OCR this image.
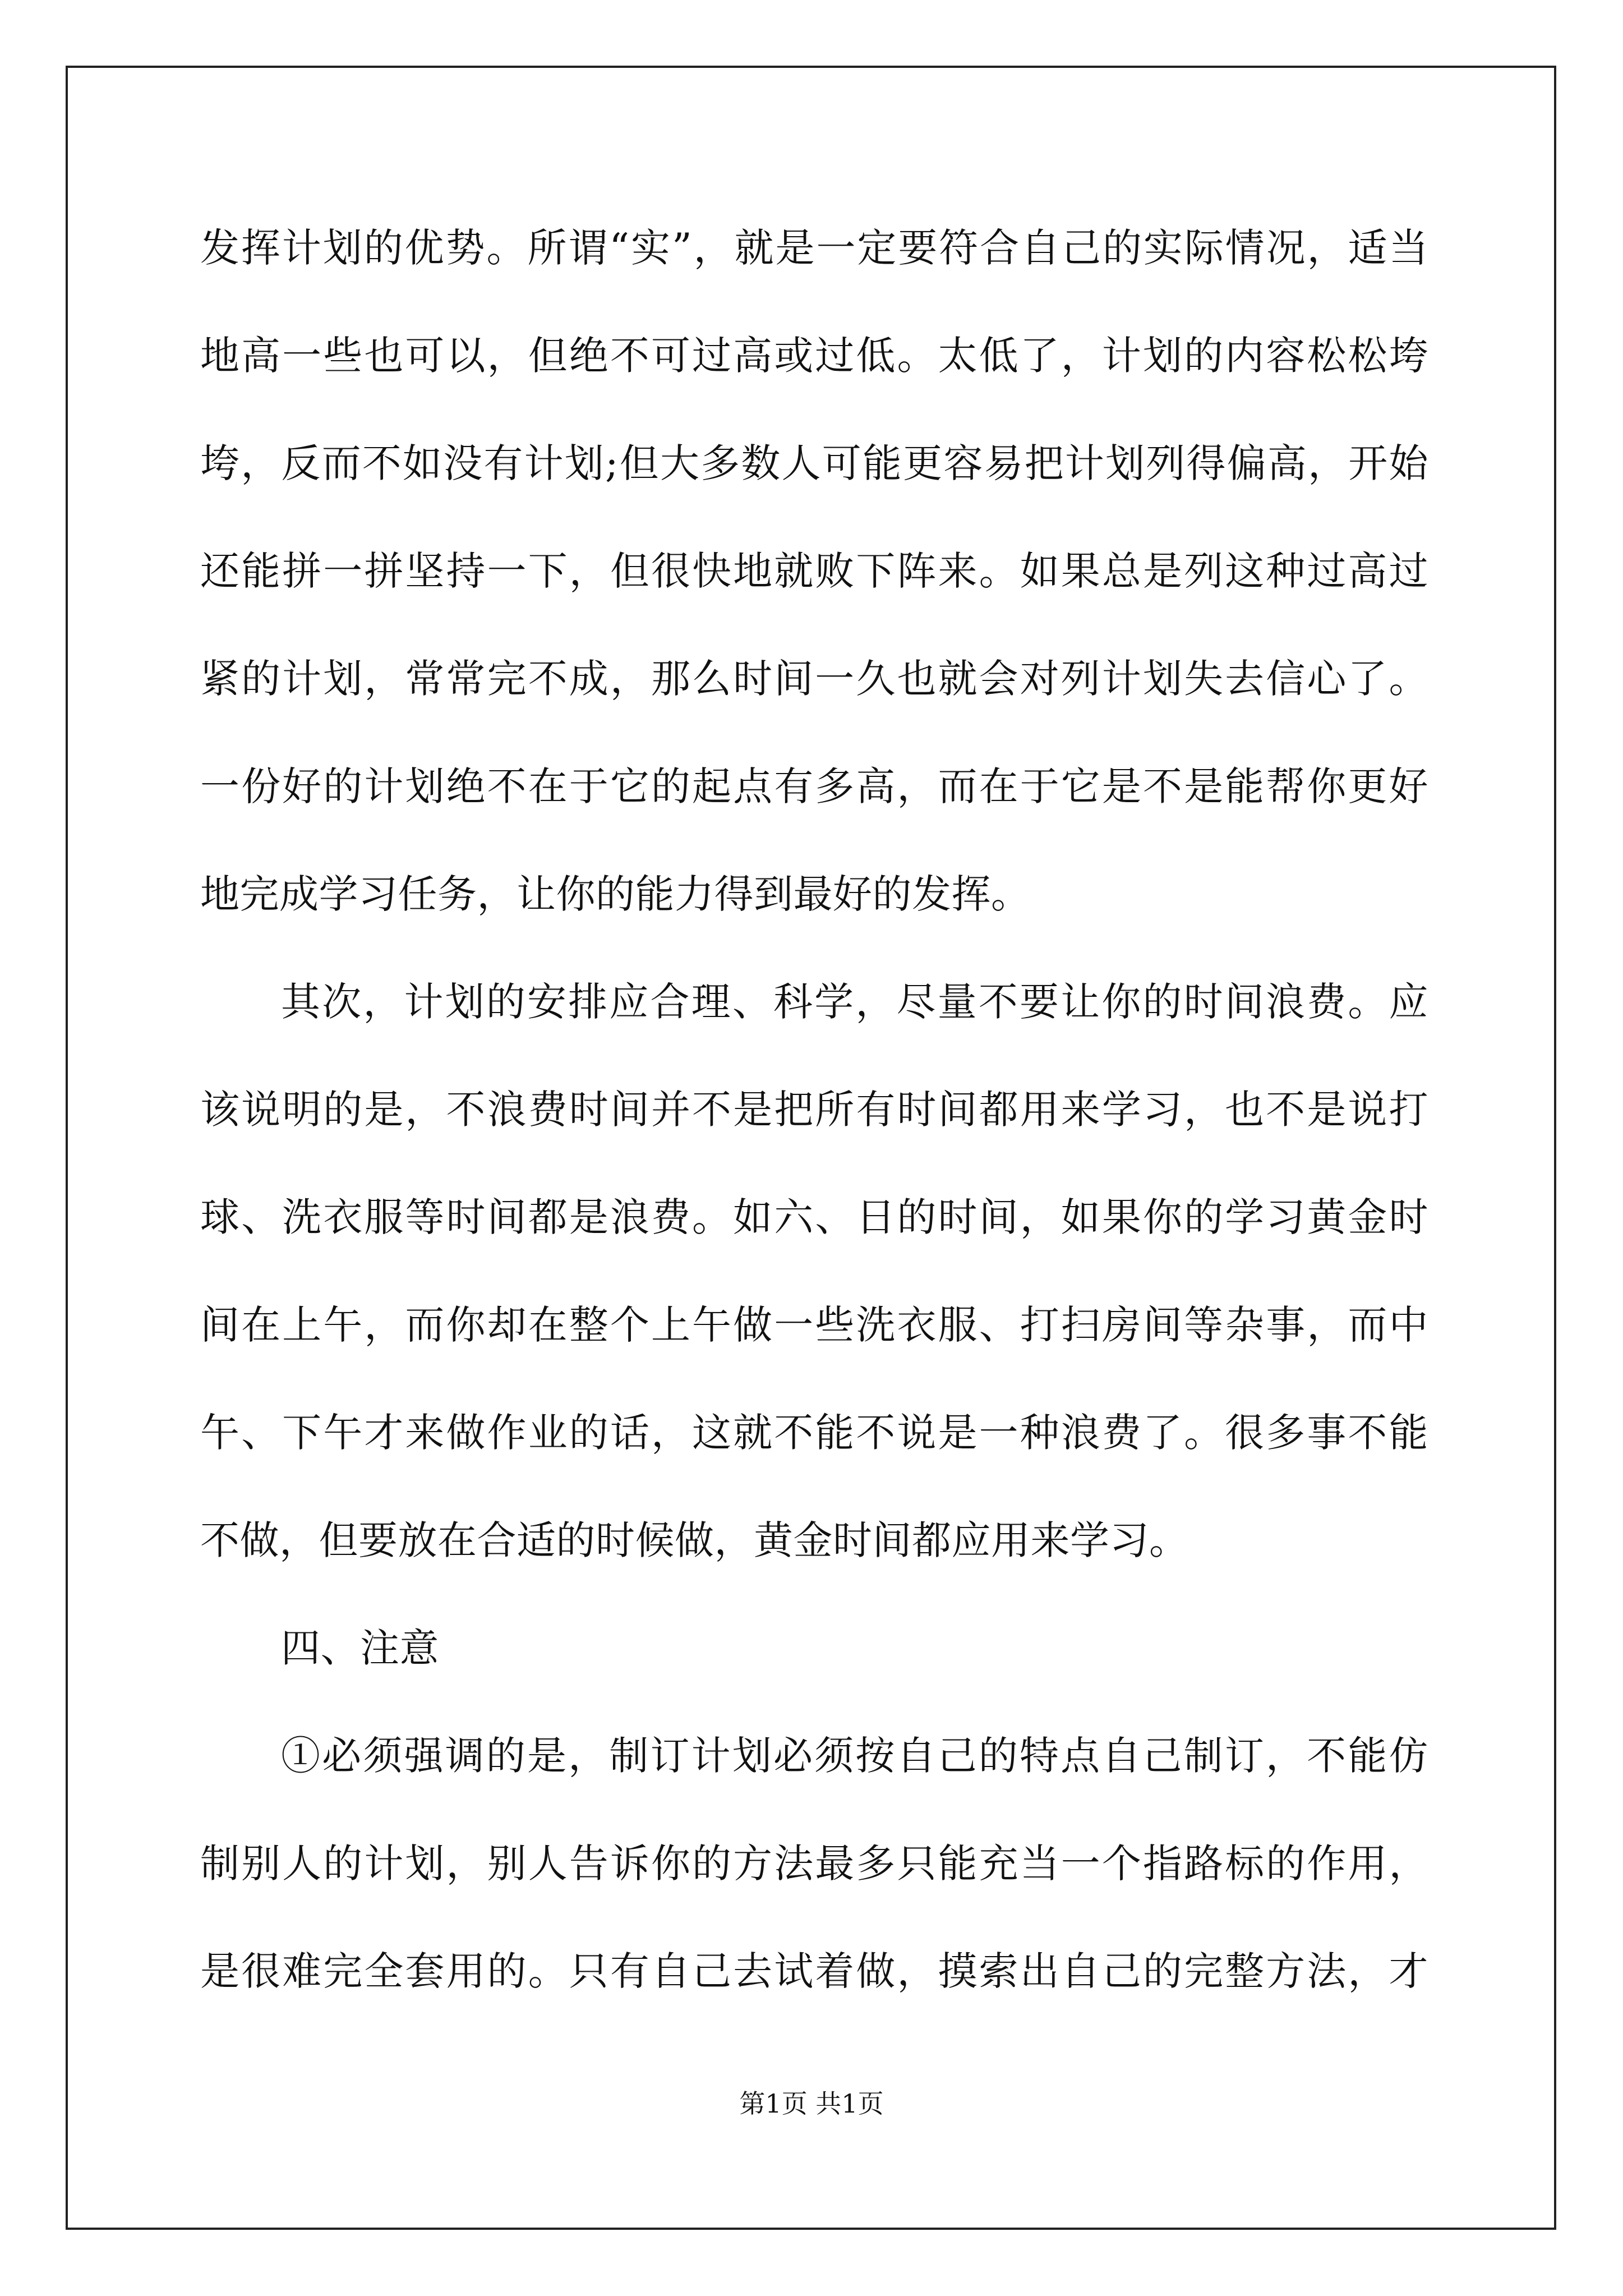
发挥计划的优势。所谓“实”，就是一定要符合自己的实际情况，适当
地高一些也可以，但绝不可过高或过低。太低了，计划的内容松松垮
垮，反而不如没有计划;但大多数人可能更容易把计划列得偏高，开始
还能拼一拼坚持一下，但很快地就败下阵来。如果总是列这种过高过
紧的计划，常常完不成，那么时间一久也就会对列计划失去信心了。
一份好的计划绝不在于它的起点有多高，而在于它是不是能帮你更好
地完成学习任务，让你的能力得到最好的发挥。
其次，计划的安排应合理、科学，尽量不要让你的时间浪费。应
该说明的是，不浪费时间并不是把所有时间都用来学习，也不是说打
球、洗衣服等时间都是浪费。如六、日的时间，如果你的学习黄金时
间在上午，而你却在整个上午做一些洗衣服、打扫房间等杂事，而中
午、下午才来做作业的话，这就不能不说是一种浪费了。很多事不能
不做，但要放在合适的时候做，黄金时间都应用来学习。
四、注意
①必须强调的是，制订计划必须按自己的特点自己制订，不能仿
制别人的计划，别人告诉你的方法最多只能充当一个指路标的作用，
是很难完全套用的。只有自己去试着做，摸索出自己的完整方法，才
第1页 共1页
